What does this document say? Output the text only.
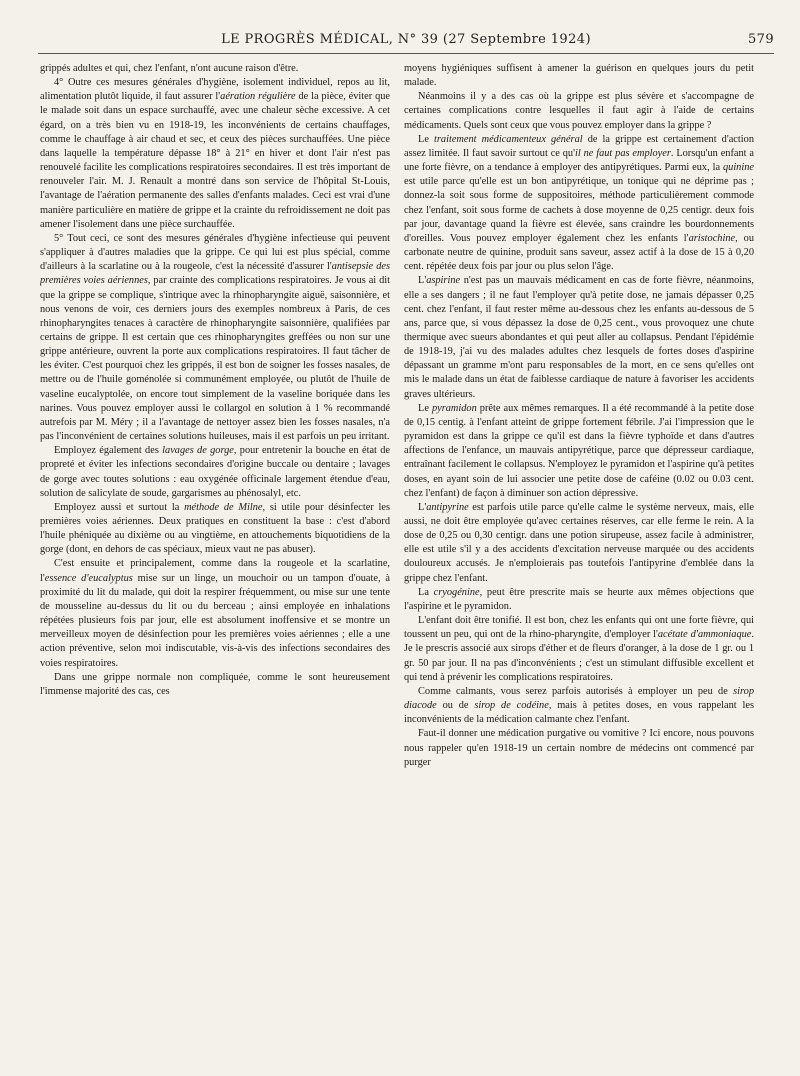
LE PROGRÈS MÉDICAL, N° 39 (27 Septembre 1924)	579

grippés adultes et qui, chez l'enfant, n'ont aucune raison d'être.

4° Outre ces mesures générales d'hygiène, isolement individuel, repos au lit, alimentation plutôt liquide, il faut assurer l'aération régulière de la pièce, éviter que le malade soit dans un espace surchauffé, avec une chaleur sèche excessive. A cet égard, on a très bien vu en 1918-19, les inconvénients de certains chauffages, comme le chauffage à air chaud et sec, et ceux des pièces surchauffées. Une pièce dans laquelle la température dépasse 18° à 21° en hiver et dont l'air n'est pas renouvelé facilite les complications respiratoires secondaires. Il est très important de renouveler l'air. M. J. Renault a montré dans son service de l'hôpital St-Louis, l'avantage de l'aération permanente des salles d'enfants malades. Ceci est vrai d'une manière particulière en matière de grippe et la crainte du refroidissement ne doit pas amener l'isolement dans une pièce surchauffée.

5° Tout ceci, ce sont des mesures générales d'hygiène infectieuse qui peuvent s'appliquer à d'autres maladies que la grippe. Ce qui lui est plus spécial, comme d'ailleurs à la scarlatine ou à la rougeole, c'est la nécessité d'assurer l'antisepsie des premières voies aériennes, par crainte des complications respiratoires. Je vous ai dit que la grippe se complique, s'intrique avec la rhinopharyngite aiguë, saisonnière, et nous venons de voir, ces derniers jours des exemples nombreux à Paris, de ces rhinopharyngites tenaces à caractère de rhinopharyngite saisonnière, qualifiées par certains de grippe. Il est certain que ces rhinopharyngites greffées ou non sur une grippe antérieure, ouvrent la porte aux complications respiratoires. Il faut tâcher de les éviter. C'est pourquoi chez les grippés, il est bon de soigner les fosses nasales, de mettre ou de l'huile goménolée si communément employée, ou plutôt de l'huile de vaseline eucalyptolée, on encore tout simplement de la vaseline boriquée dans les narines. Vous pouvez employer aussi le collargol en solution à 1 % recommandé autrefois par M. Méry ; il a l'avantage de nettoyer assez bien les fosses nasales, n'a pas l'inconvénient de certaines solutions huileuses, mais il est parfois un peu irritant.

Employez également des lavages de gorge, pour entretenir la bouche en état de propreté et éviter les infections secondaires d'origine buccale ou dentaire ; lavages de gorge avec toutes solutions : eau oxygénée officinale largement étendue d'eau, solution de salicylate de soude, gargarismes au phénosalyl, etc.

Employez aussi et surtout la méthode de Milne, si utile pour désinfecter les premières voies aériennes. Deux pratiques en constituent la base : c'est d'abord l'huile phéniquée au dixième ou au vingtième, en attouchements biquotidiens de la gorge (dont, en dehors de cas spéciaux, mieux vaut ne pas abuser).

C'est ensuite et principalement, comme dans la rougeole et la scarlatine, l'essence d'eucalyptus mise sur un linge, un mouchoir ou un tampon d'ouate, à proximité du lit du malade, qui doit la respirer fréquemment, ou mise sur une tente de mousseline au-dessus du lit ou du berceau ; ainsi employée en inhalations répétées plusieurs fois par jour, elle est absolument inoffensive et se montre un merveilleux moyen de désinfection pour les premières voies aériennes ; elle a une action préventive, selon moi indiscutable, vis-à-vis des infections secondaires des voies respiratoires.

Dans une grippe normale non compliquée, comme le sont heureusement l'immense majorité des cas, ces

moyens hygiéniques suffisent à amener la guérison en quelques jours du petit malade.

Néanmoins il y a des cas où la grippe est plus sévère et s'accompagne de certaines complications contre lesquelles il faut agir à l'aide de certains médicaments. Quels sont ceux que vous pouvez employer dans la grippe ?

Le traitement médicamenteux général de la grippe est certainement d'action assez limitée. Il faut savoir surtout ce qu'il ne faut pas employer. Lorsqu'un enfant a une forte fièvre, on a tendance à employer des antipyrétiques. Parmi eux, la quinine est utile parce qu'elle est un bon antipyrétique, un tonique qui ne déprime pas ; donnez-la soit sous forme de suppositoires, méthode particulièrement commode chez l'enfant, soit sous forme de cachets à dose moyenne de 0,25 centigr. deux fois par jour, davantage quand la fièvre est élevée, sans craindre les bourdonnements d'oreilles. Vous pouvez employer également chez les enfants l'aristochine, ou carbonate neutre de quinine, produit sans saveur, assez actif à la dose de 15 à 0,20 cent. répétée deux fois par jour ou plus selon l'âge.

L'aspirine n'est pas un mauvais médicament en cas de forte fièvre, néanmoins, elle a ses dangers ; il ne faut l'employer qu'à petite dose, ne jamais dépasser 0,25 cent. chez l'enfant, il faut rester même au-dessous chez les enfants au-dessous de 5 ans, parce que, si vous dépassez la dose de 0,25 cent., vous provoquez une chute thermique avec sueurs abondantes et qui peut aller au collapsus. Pendant l'épidémie de 1918-19, j'ai vu des malades adultes chez lesquels de fortes doses d'aspirine dépassant un gramme m'ont paru responsables de la mort, en ce sens qu'elles ont mis le malade dans un état de faiblesse cardiaque de nature à favoriser les accidents graves ultérieurs.

Le pyramidon prête aux mêmes remarques. Il a été recommandé à la petite dose de 0,15 centig. à l'enfant atteint de grippe fortement fébrile. J'ai l'impression que le pyramidon est dans la grippe ce qu'il est dans la fièvre typhoïde et dans d'autres affections de l'enfance, un mauvais antipyrétique, parce que dépresseur cardiaque, entraînant facilement le collapsus. N'employez le pyramidon et l'aspirine qu'à petites doses, en ayant soin de lui associer une petite dose de caféine (0.02 ou 0.03 cent. chez l'enfant) de façon à diminuer son action dépressive.

L'antipyrine est parfois utile parce qu'elle calme le système nerveux, mais, elle aussi, ne doit être employée qu'avec certaines réserves, car elle ferme le rein. A la dose de 0,25 ou 0,30 centigr. dans une potion sirupeuse, assez facile à administrer, elle est utile s'il y a des accidents d'excitation nerveuse marquée ou des accidents douloureux accusés. Je n'emploierais pas toutefois l'antipyrine d'emblée dans la grippe chez l'enfant.

La cryogénine, peut être prescrite mais se heurte aux mêmes objections que l'aspirine et le pyramidon.

L'enfant doit être tonifié. Il est bon, chez les enfants qui ont une forte fièvre, qui toussent un peu, qui ont de la rhino-pharyngite, d'employer l'acétate d'ammoniaque. Je le prescris associé aux sirops d'éther et de fleurs d'oranger, à la dose de 1 gr. ou 1 gr. 50 par jour. Il na pas d'inconvénients ; c'est un stimulant diffusible excellent et qui tend à prévenir les complications respiratoires.

Comme calmants, vous serez parfois autorisés à employer un peu de sirop diacode ou de sirop de codéine, mais à petites doses, en vous rappelant les inconvénients de la médication calmante chez l'enfant.

Faut-il donner une médication purgative ou vomitive ? Ici encore, nous pouvons nous rappeler qu'en 1918-19 un certain nombre de médecins ont commencé par purger
